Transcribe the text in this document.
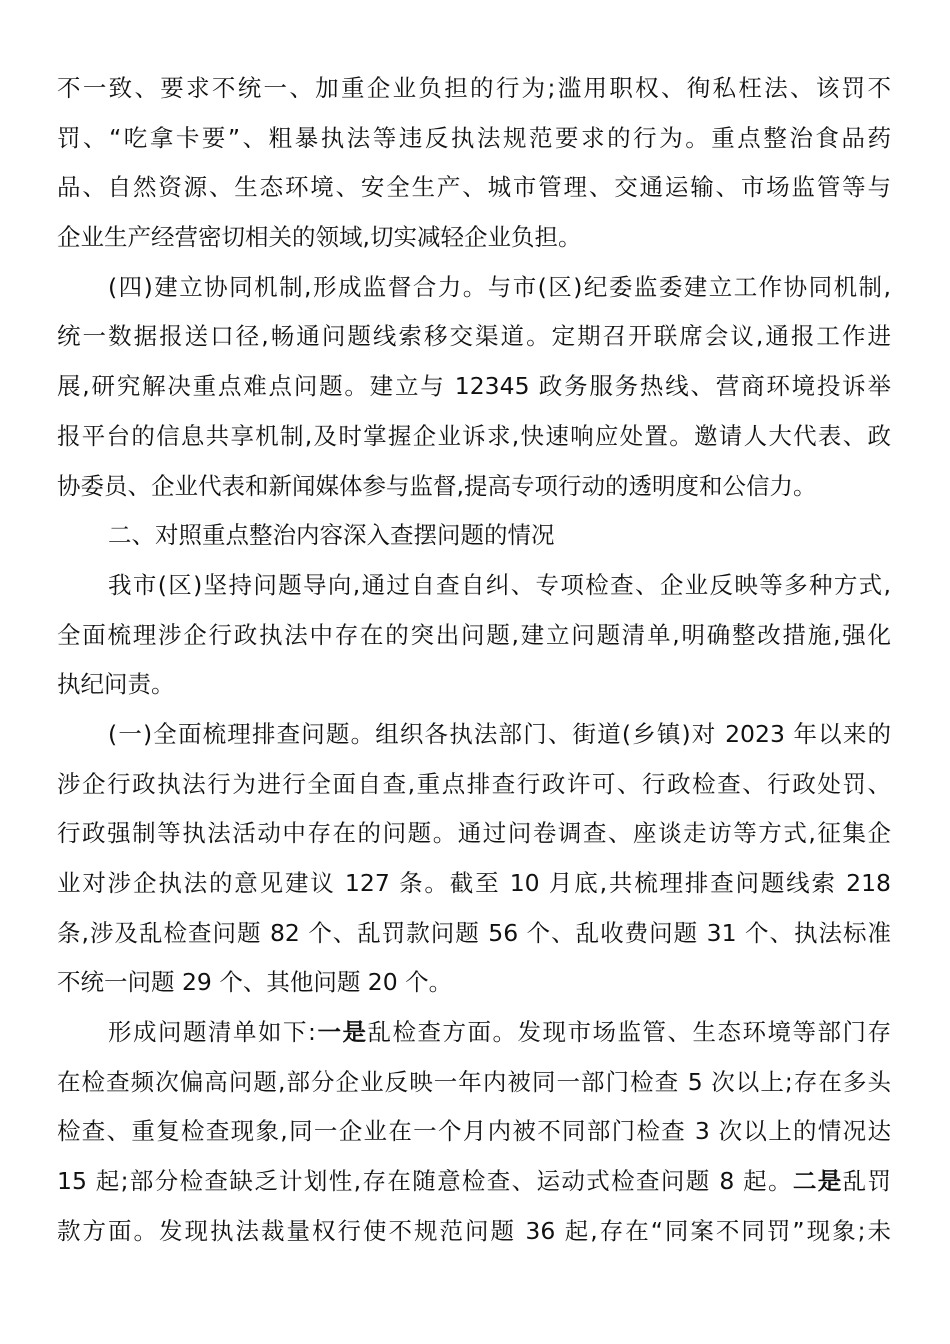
不一致、要求不统一、加重企业负担的行为;滥用职权、徇私枉法、该罚不
罚、“吃拿卡要”、粗暴执法等违反执法规范要求的行为。重点整治食品药
品、自然资源、生态环境、安全生产、城市管理、交通运输、市场监管等与
企业生产经营密切相关的领域,切实减轻企业负担。
(四)建立协同机制,形成监督合力。与市(区)纪委监委建立工作协同机制,
统一数据报送口径,畅通问题线索移交渠道。定期召开联席会议,通报工作进
展,研究解决重点难点问题。建立与 12345 政务服务热线、营商环境投诉举
报平台的信息共享机制,及时掌握企业诉求,快速响应处置。邀请人大代表、政
协委员、企业代表和新闻媒体参与监督,提高专项行动的透明度和公信力。
二、对照重点整治内容深入查摆问题的情况
我市(区)坚持问题导向,通过自查自纠、专项检查、企业反映等多种方式,
全面梳理涉企行政执法中存在的突出问题,建立问题清单,明确整改措施,强化
执纪问责。
(一)全面梳理排查问题。组织各执法部门、街道(乡镇)对 2023 年以来的
涉企行政执法行为进行全面自查,重点排查行政许可、行政检查、行政处罚、
行政强制等执法活动中存在的问题。通过问卷调查、座谈走访等方式,征集企
业对涉企执法的意见建议 127 条。截至 10 月底,共梳理排查问题线索 218
条,涉及乱检查问题 82 个、乱罚款问题 56 个、乱收费问题 31 个、执法标准
不统一问题 29 个、其他问题 20 个。
形成问题清单如下:一是乱检查方面。发现市场监管、生态环境等部门存
在检查频次偏高问题,部分企业反映一年内被同一部门检查 5 次以上;存在多头
检查、重复检查现象,同一企业在一个月内被不同部门检查 3 次以上的情况达
15 起;部分检查缺乏计划性,存在随意检查、运动式检查问题 8 起。二是乱罚
款方面。发现执法裁量权行使不规范问题 36 起,存在“同案不同罚”现象;未
